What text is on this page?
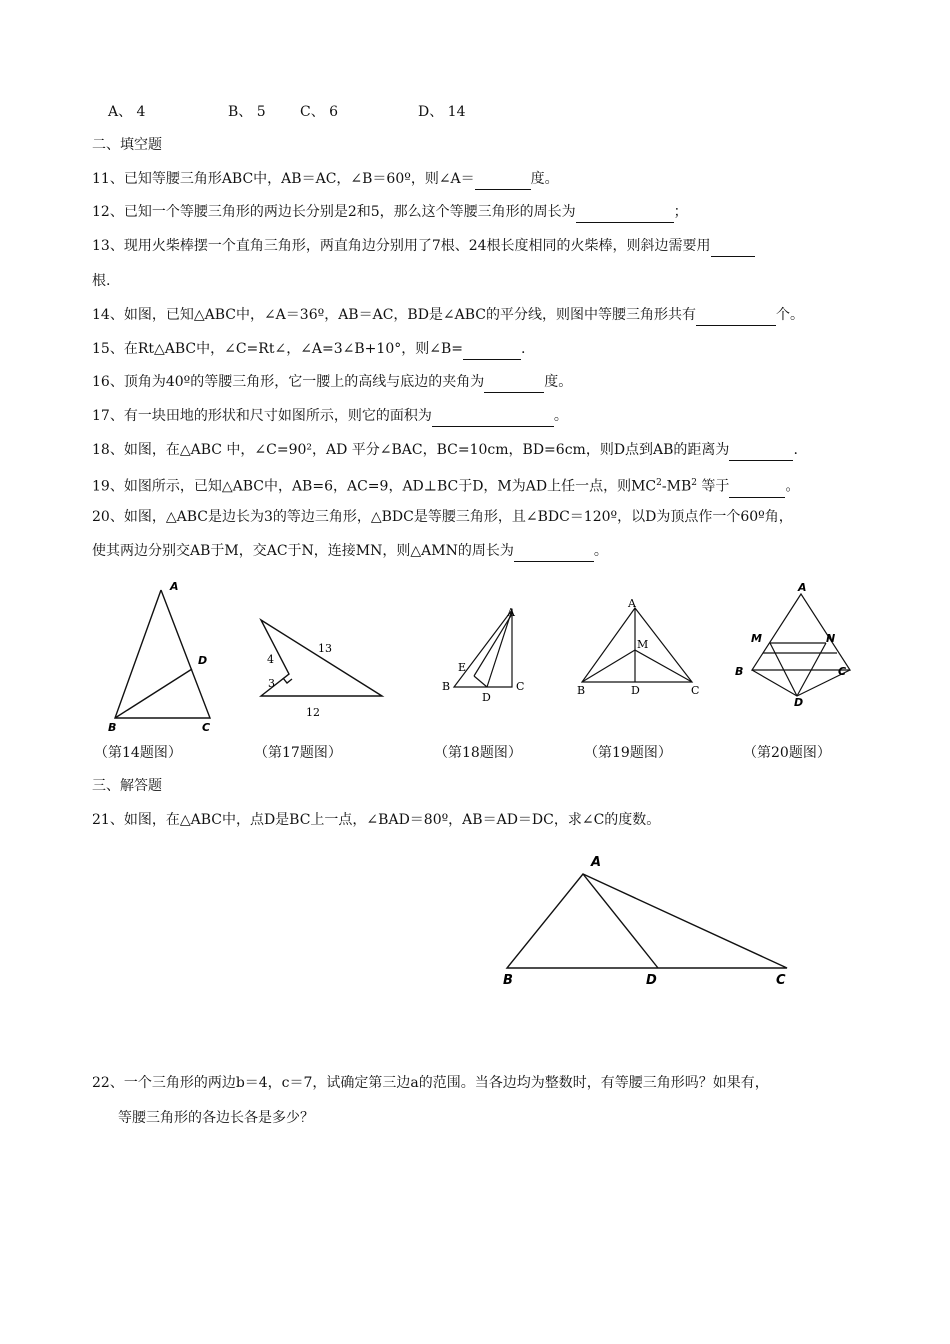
A、 4	B、 5 C、 6	D、 14
二、填空题
11、已知等腰三角形ABC中，AB＝AC，∠B＝60º，则∠A＝	度。
12、已知一个等腰三角形的两边长分别是2和5，那么这个等腰三角形的周长为	；
13、现用火柴棒摆一个直角三角形，两直角边分别用了7根、24根长度相同的火柴棒，则斜边需要用
根.
14、如图，已知△ABC中，∠A＝36º，AB＝AC，BD是∠ABC的平分线，则图中等腰三角形共有	个。
15、在Rt△ABC中，∠C=Rt∠，∠A=3∠B+10°，则∠B=	.
16、顶角为40º的等腰三角形，它一腰上的高线与底边的夹角为	度。
17、有一块田地的形状和尺寸如图所示，则它的面积为	。
18、如图，在△ABC 中，∠C=90²，AD 平分∠BAC，BC=10cm，BD=6cm，则D点到AB的距离为	.
19、如图所示，已知△ABC中，AB=6，AC=9，AD⊥BC于D，M为AD上任一点，则$MC^2-MB^2$ 等于	。
20、如图，△ABC是边长为3的等边三角形，△BDC是等腰三角形，且∠BDC＝120º，以D为顶点作一个60º角，
使其两边分别交AB于M，交AC于N，连接MN，则△AMN的周长为	。
A
D
B	C
4
3
13
12
A
E
B
D
C
A
M
B	D	C
A
M	N
B	C
D
（第14题图）	（第17题图）	（第18题图）	（第19题图）	（第20题图）
三、解答题
21、如图，在△ABC中，点D是BC上一点，∠BAD＝80º，AB＝AD＝DC，求∠C的度数。
A
B	D	C
22、一个三角形的两边b＝4，c＝7，试确定第三边a的范围。当各边均为整数时，有等腰三角形吗？如果有，
等腰三角形的各边长各是多少？
